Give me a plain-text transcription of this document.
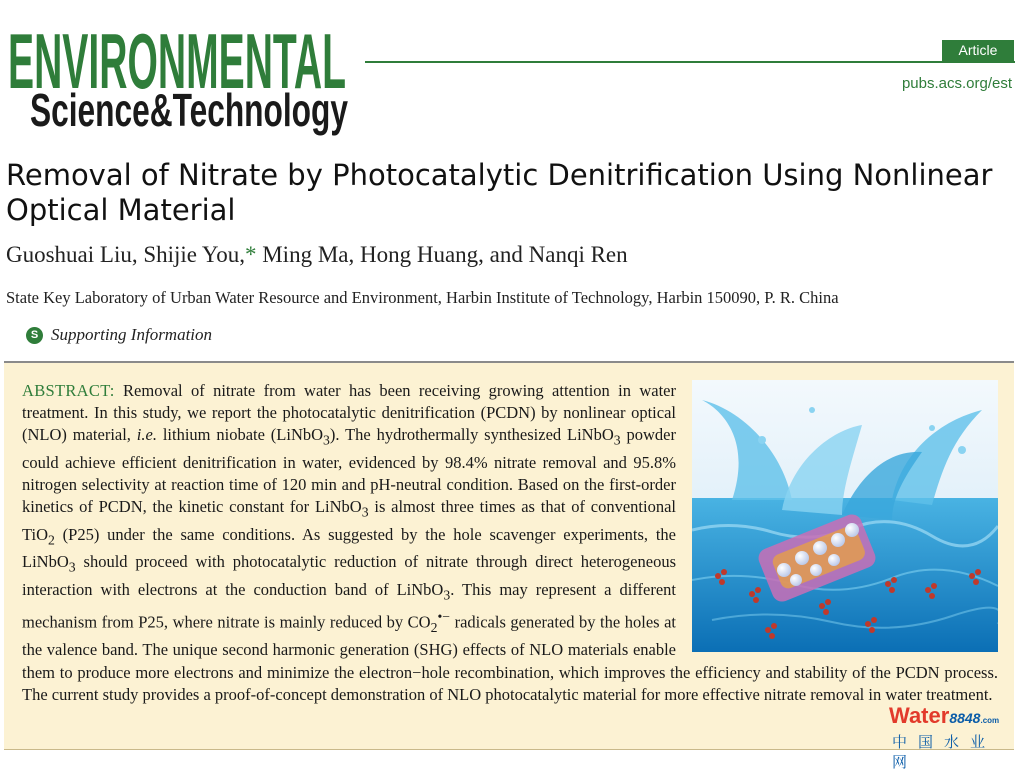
ENVIRONMENTAL
Science&Technology
Article
pubs.acs.org/est
Removal of Nitrate by Photocatalytic Denitrification Using Nonlinear Optical Material
Guoshuai Liu, Shijie You,* Ming Ma, Hong Huang, and Nanqi Ren
State Key Laboratory of Urban Water Resource and Environment, Harbin Institute of Technology, Harbin 150090, P. R. China
S Supporting Information

ABSTRACT: Removal of nitrate from water has been receiving growing attention in water treatment. In this study, we report the photocatalytic denitrification (PCDN) by nonlinear optical (NLO) material, i.e. lithium niobate (LiNbO$_3$). The hydrothermally synthesized LiNbO$_3$ powder could achieve efficient denitrification in water, evidenced by 98.4% nitrate removal and 95.8% nitrogen selectivity at reaction time of 120 min and pH-neutral condition. Based on the first-order kinetics of PCDN, the kinetic constant for LiNbO$_3$ is almost three times as that of conventional TiO$_2$ (P25) under the same conditions. As suggested by the hole scavenger experiments, the LiNbO$_3$ should proceed with photocatalytic reduction of nitrate through direct heterogeneous interaction with electrons at the conduction band of LiNbO$_3$. This may represent a different mechanism from P25, where nitrate is mainly reduced by $CO_2^{•-}$ radicals generated by the holes at the valence band. The unique second harmonic generation (SHG) effects of NLO materials enable them to produce more electrons and minimize the electron−hole recombination, which improves the efficiency and stability of the PCDN process. The current study provides a proof-of-concept demonstration of NLO photocatalytic material for more effective nitrate removal in water treatment.

Water8848.com
中国水业网
